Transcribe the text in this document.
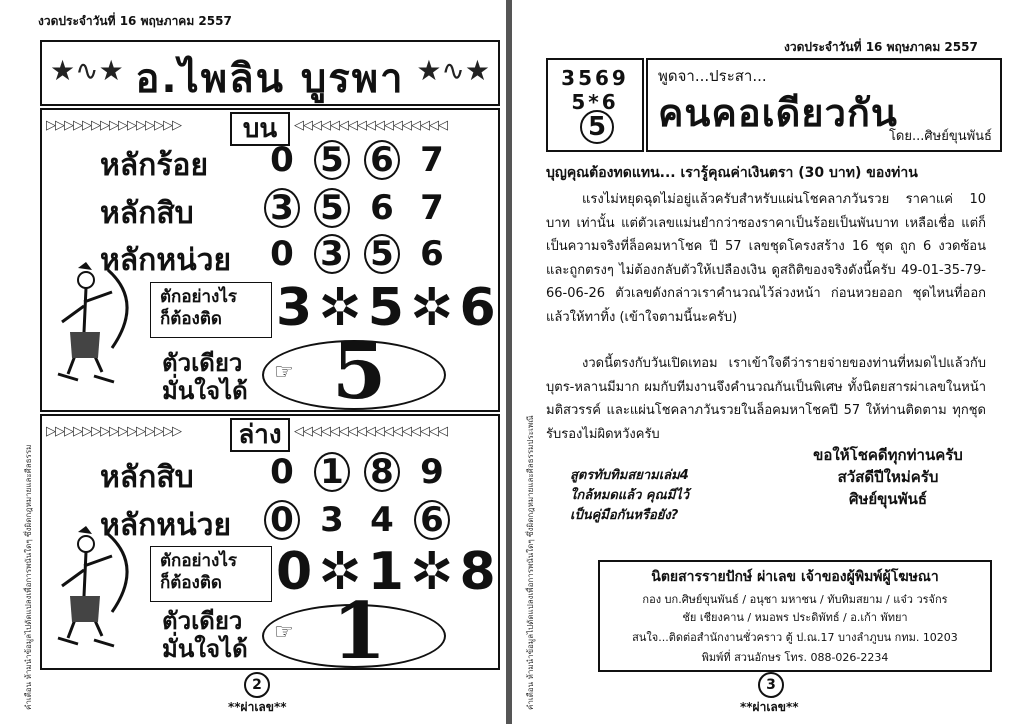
งวดประจำวันที่ 16 พฤษภาคม 2557
★∿★ อ.ไพลิน บูรพา ★∿★
▷▷▷▷▷▷▷▷▷▷▷▷▷▷▷	บน	◁◁◁◁◁◁◁◁◁◁◁◁◁◁◁◁◁
หลักร้อย 0 5 6 7
หลักสิบ 3 5 6 7
หลักหน่วย 0 3 5 6
ตักอย่างไร
ก็ต้องติด 3✲5✲6
ตัวเดียว
มั่นใจได้
☞ 5
▷▷▷▷▷▷▷▷▷▷▷▷▷▷▷	ล่าง ◁◁◁◁◁◁◁◁◁◁◁◁◁◁◁◁◁
หลักสิบ 0 1 8 9
หลักหน่วย 0 3 4 6
ตักอย่างไร
ก็ต้องติด 0✲1✲8
ตัวเดียว
มั่นใจได้
☞ 1
คำเตือน ห้ามนำข้อมูลไปดัดแปลงเพื่อการพนันใดๆ ซึ่งผิดกฎหมายและศีลธรรม	2
**ผ่าเลข**
งวดประจำวันที่ 16 พฤษภาคม 2557
3569
5*6
5
พูดจา...ประสา...
คนคอเดียวกัน
โดย...ศิษย์ขุนพันธ์
บุญคุณต้องทดแทน... เรารู้คุณค่าเงินตรา (30 บาท) ของท่าน
แรงไม่หยุดฉุดไม่อยู่แล้วครับสำหรับแผ่นโชคลาภวันรวย ราคาแค่ 10 บาท เท่านั้น แต่ตัวเลขแม่นยำกว่าซองราคาเป็นร้อยเป็นพันบาท เหลือเชื่อ แต่ก็เป็นความจริงที่ล็อคมหาโชค ปี 57 เลขชุดโครงสร้าง 16 ชุด ถูก 6 งวดซ้อน และถูกตรงๆ ไม่ต้องกลับตัวให้เปลืองเงิน ดูสถิติของจริงดังนี้ครับ 49-01-35-79-66-06-26 ตัวเลขดังกล่าวเราคำนวณไว้ล่วงหน้า ก่อนหวยออก ชุดไหนที่ออกแล้วให้ทาทิ้ง (เข้าใจตามนี้นะครับ)
งวดนี้ตรงกับวันเปิดเทอม เราเข้าใจดีว่ารายจ่ายของท่านที่หมดไปแล้วกับบุตร-หลานมีมาก ผมกับทีมงานจึงคำนวณกันเป็นพิเศษ ทั้งนิตยสารผ่าเลขในหน้ามติสวรรค์ และแผ่นโชคลาภวันรวยในล็อคมหาโชคปี 57 ให้ท่านติดตาม ทุกชุดรับรองไม่ผิดหวังครับ
สูตรทับทิมสยามเล่ม4
ใกล้หมดแล้ว คุณมีไว้
เป็นคู่มือกันหรือยัง?
ขอให้โชคดีทุกท่านครับ
สวัสดีปีใหม่ครับ
ศิษย์ขุนพันธ์
นิตยสารรายปักษ์ ผ่าเลข เจ้าของผู้พิมพ์ผู้โฆษณา
กอง บก.ศิษย์ขุนพันธ์ / อนุชา มหาชน / ทับทิมสยาม / แจ๋ว วรจักร
ชัย เชียงคาน / หมอพร ประดิพัทธ์ / อ.เก้า พัทยา
สนใจ...ติดต่อสำนักงานชั่วคราว ตู้ ป.ณ.17 บางลำภูบน กทม. 10203
พิมพ์ที่ สวนอักษร โทร. 088-026-2234
คำเตือน ห้ามนำข้อมูลไปดัดแปลงเพื่อการพนันใดๆ ซึ่งผิดกฎหมายและศีลธรรมประเพณี	3
**ผ่าเลข**
